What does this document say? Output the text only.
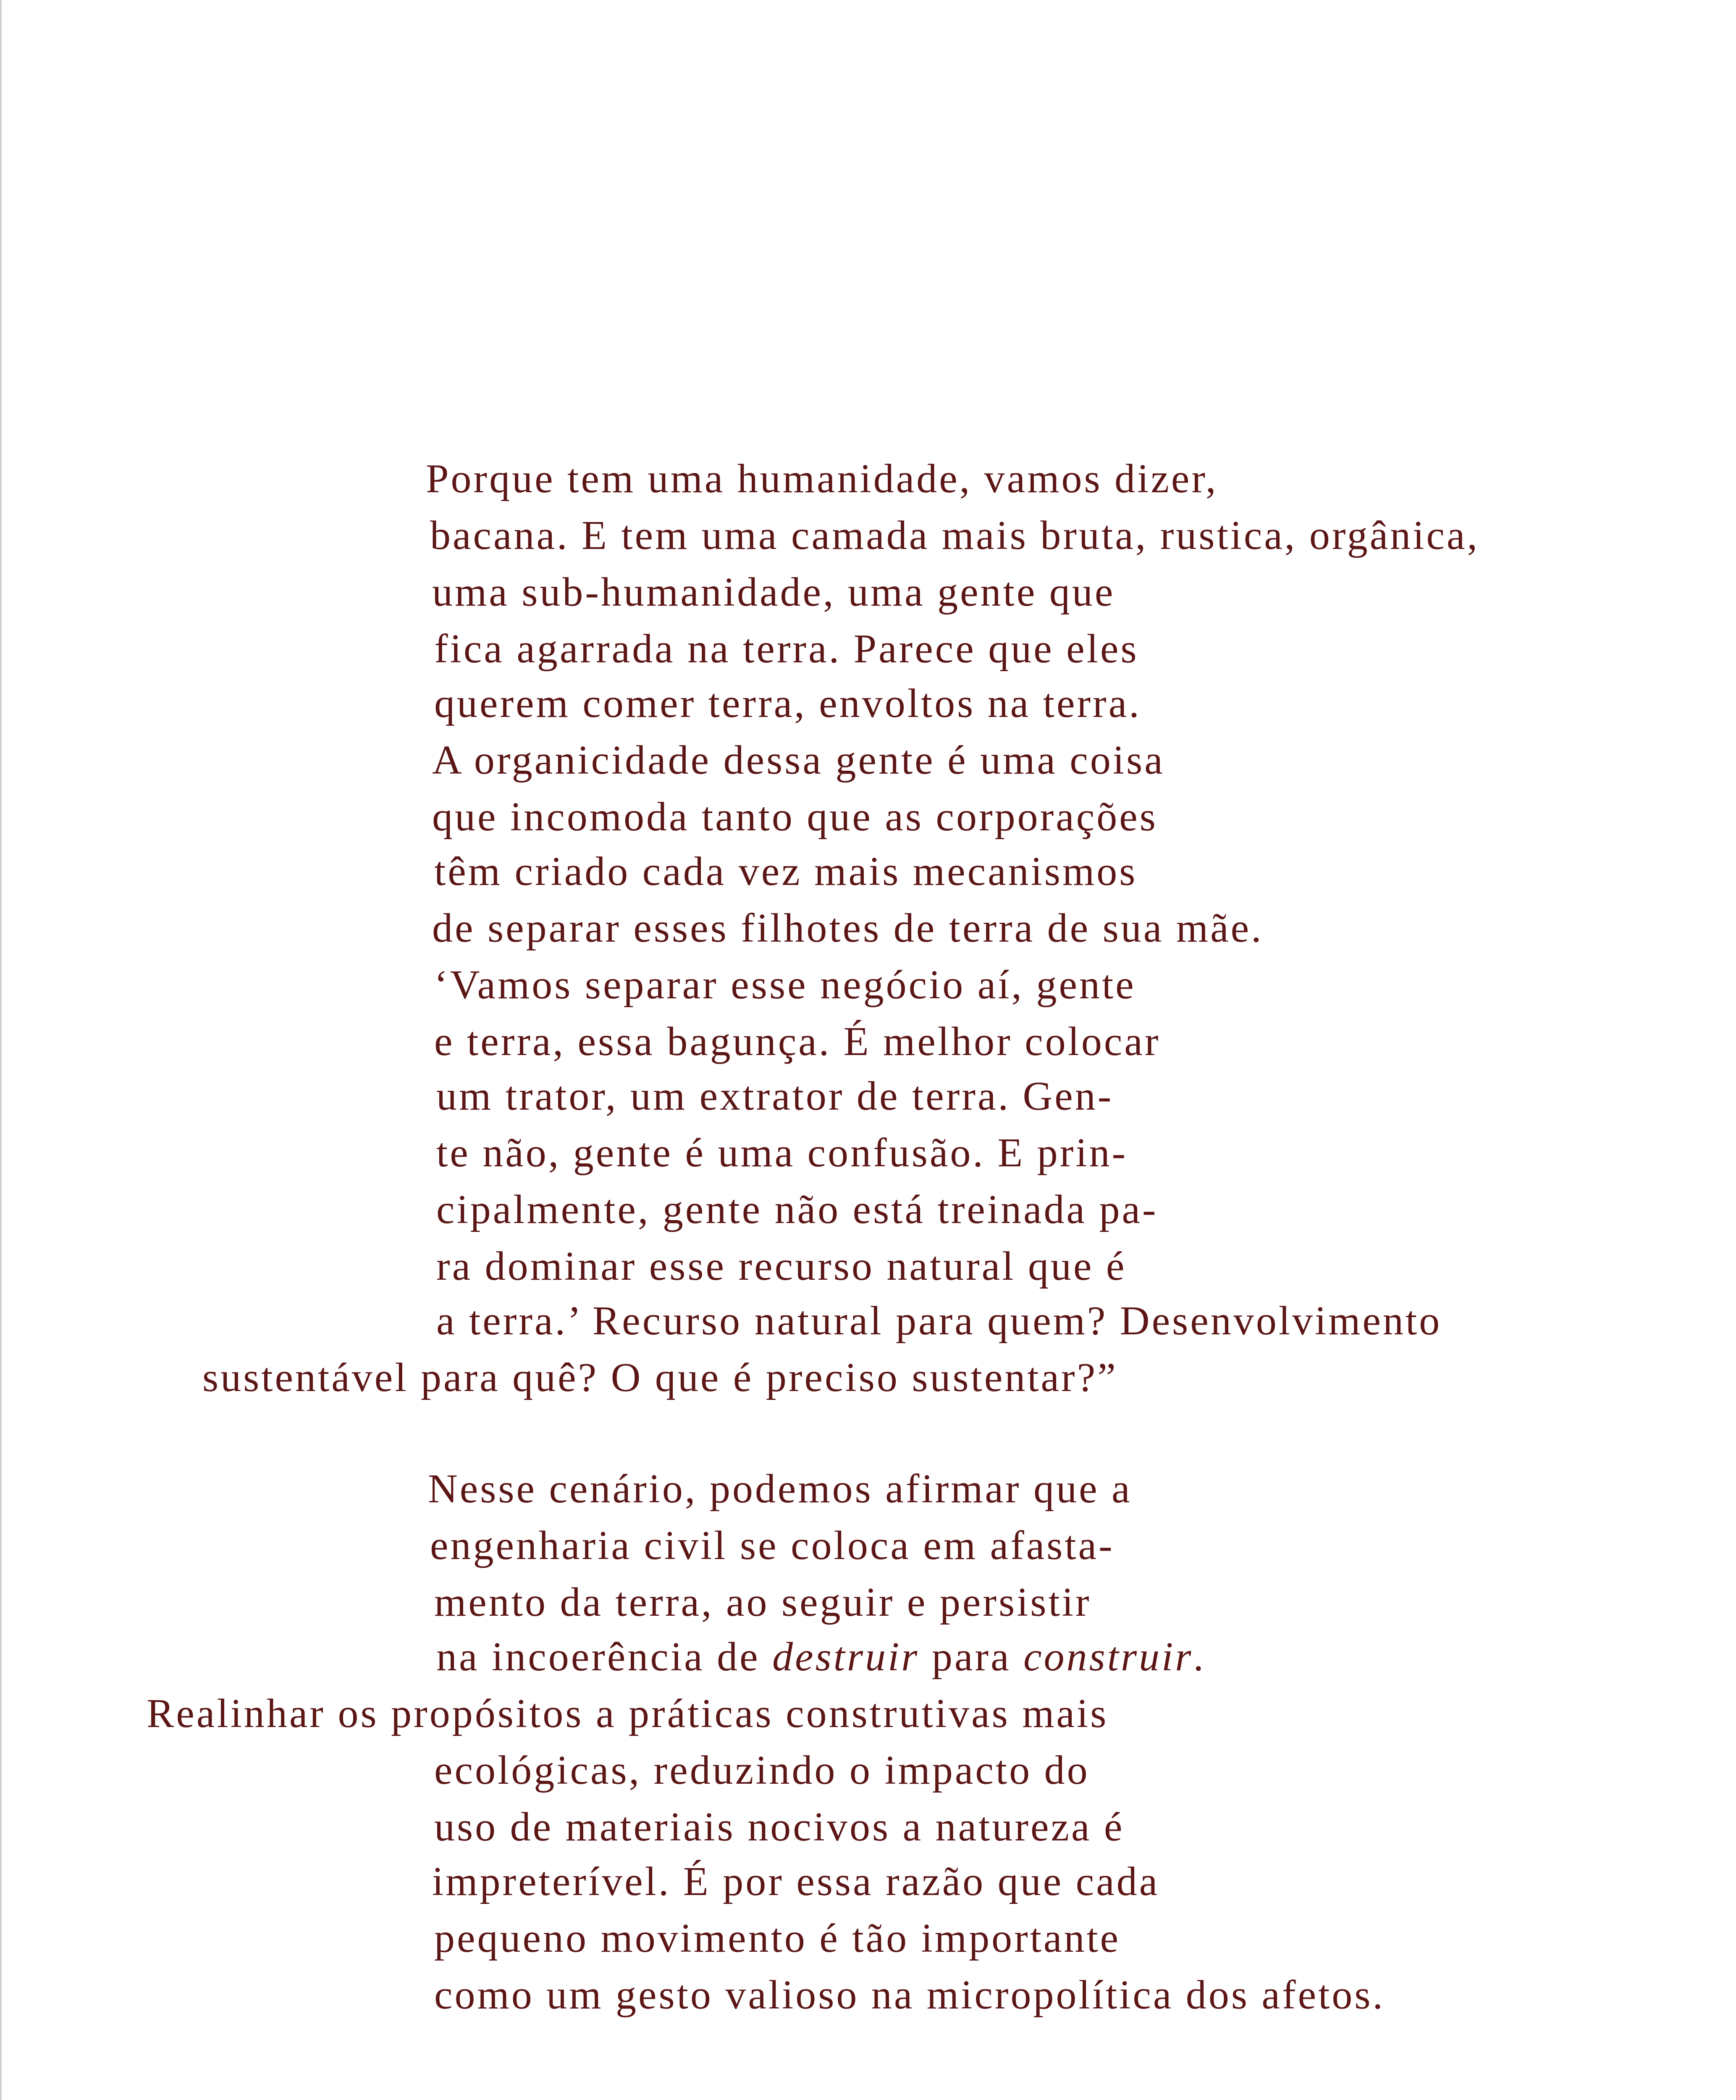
Porque tem uma humanidade, vamos dizer,
bacana. E tem uma camada mais bruta, rustica, orgânica,
uma sub-humanidade, uma gente que
fica agarrada na terra. Parece que eles
querem comer terra, envoltos na terra.
A organicidade dessa gente é uma coisa
que incomoda tanto que as corporações
têm criado cada vez mais mecanismos
de separar esses filhotes de terra de sua mãe.
‘Vamos separar esse negócio aí, gente
e terra, essa bagunça. É melhor colocar
um trator, um extrator de terra. Gen-
te não, gente é uma confusão. E prin-
cipalmente, gente não está treinada pa-
ra dominar esse recurso natural que é
a terra.’ Recurso natural para quem? Desenvolvimento
sustentável para quê? O que é preciso sustentar?”
Nesse cenário, podemos afirmar que a
engenharia civil se coloca em afasta-
mento da terra, ao seguir e persistir
na incoerência de destruir para construir.
Realinhar os propósitos a práticas construtivas mais
ecológicas, reduzindo o impacto do
uso de materiais nocivos a natureza é
impreterível. É por essa razão que cada
pequeno movimento é tão importante
como um gesto valioso na micropolítica dos afetos.
